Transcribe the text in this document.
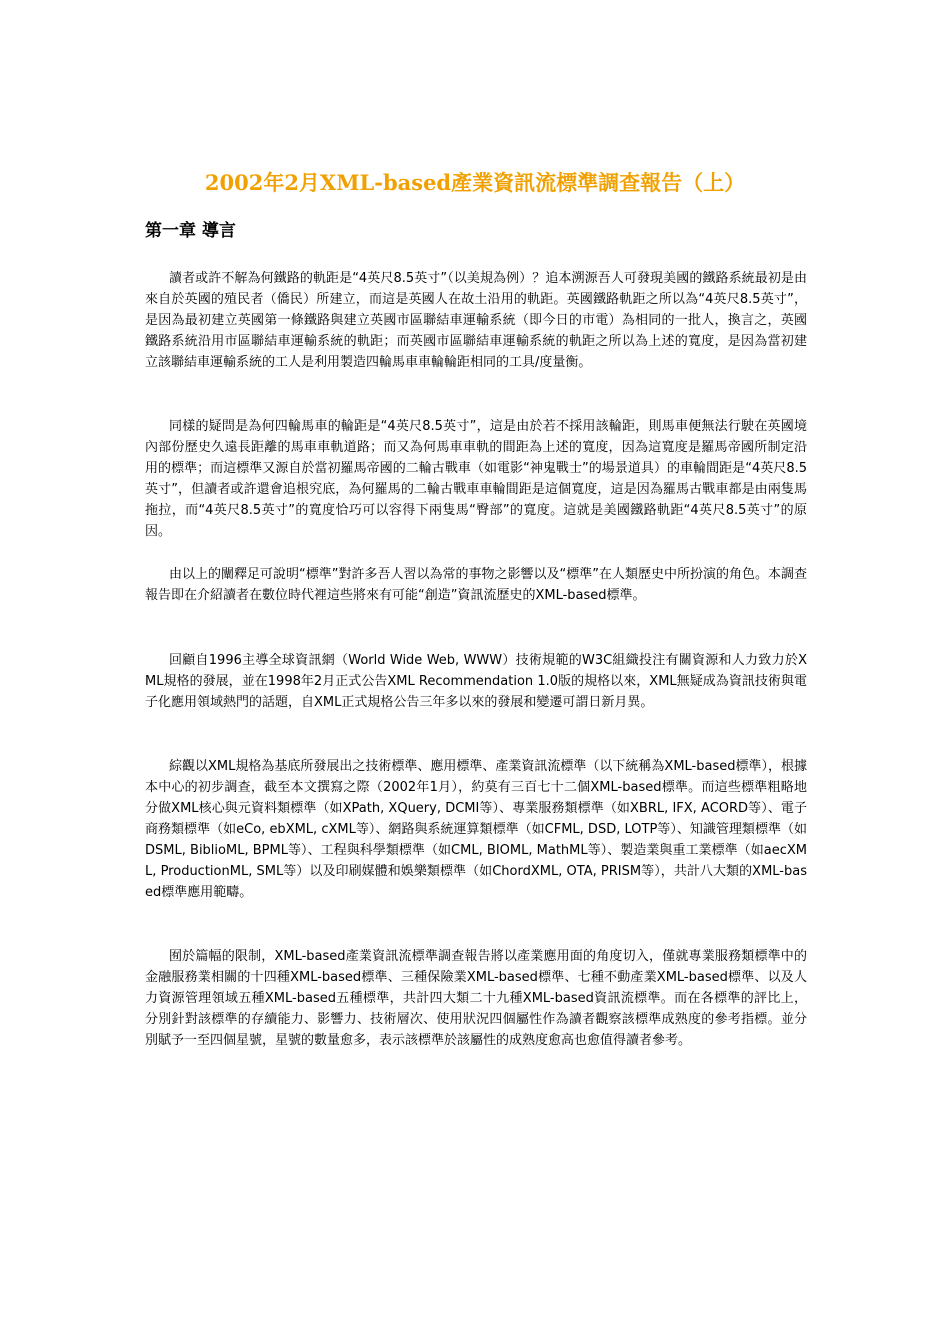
2002年2月XML-based產業資訊流標準調查報告（上）
第一章 導言

讀者或許不解為何鐵路的軌距是“4英尺8.5英寸”（以美規為例）？追本溯源吾人可發現美國的鐵路系統最初是由來自於英國的殖民者（僑民）所建立，而這是英國人在故土沿用的軌距。英國鐵路軌距之所以為“4英尺8.5英寸”，是因為最初建立英國第一條鐵路與建立英國市區聯結車運輸系統（即今日的市電）為相同的一批人，換言之，英國鐵路系統沿用市區聯結車運輸系統的軌距；而英國市區聯結車運輸系統的軌距之所以為上述的寬度，是因為當初建立該聯結車運輸系統的工人是利用製造四輪馬車車輪輪距相同的工具/度量衡。

同樣的疑問是為何四輪馬車的輪距是“4英尺8.5英寸”，這是由於若不採用該輪距，則馬車便無法行駛在英國境內部份歷史久遠長距離的馬車車軌道路；而又為何馬車車軌的間距為上述的寬度，因為這寬度是羅馬帝國所制定沿用的標準；而這標準又源自於當初羅馬帝國的二輪古戰車（如電影“神鬼戰士”的場景道具）的車輪間距是“4英尺8.5英寸”，但讀者或許還會追根究底，為何羅馬的二輪古戰車車輪間距是這個寬度，這是因為羅馬古戰車都是由兩隻馬拖拉，而“4英尺8.5英寸”的寬度恰巧可以容得下兩隻馬“臀部”的寬度。這就是美國鐵路軌距“4英尺8.5英寸”的原因。

由以上的闡釋足可說明“標準”對許多吾人習以為常的事物之影響以及“標準”在人類歷史中所扮演的角色。本調查報告即在介紹讀者在數位時代裡這些將來有可能“創造”資訊流歷史的XML-based標準。

回顧自1996主導全球資訊網（World Wide Web, WWW）技術規範的W3C組織投注有關資源和人力致力於XML規格的發展，並在1998年2月正式公告XML Recommendation 1.0版的規格以來，XML無疑成為資訊技術與電子化應用領域熱門的話題，自XML正式規格公告三年多以來的發展和變遷可謂日新月異。

綜觀以XML規格為基底所發展出之技術標準、應用標準、產業資訊流標準（以下統稱為XML-based標準），根據本中心的初步調查，截至本文撰寫之際（2002年1月），約莫有三百七十二個XML-based標準。而這些標準粗略地分做XML核心與元資料類標準（如XPath, XQuery, DCMI等）、專業服務類標準（如XBRL, IFX, ACORD等）、電子商務類標準（如eCo, ebXML, cXML等）、網路與系統運算類標準（如CFML, DSD, LOTP等）、知識管理類標準（如DSML, BiblioML, BPML等）、工程與科學類標準（如CML, BIOML, MathML等）、製造業與重工業標準（如aecXML, ProductionML, SML等）以及印刷媒體和娛樂類標準（如ChordXML, OTA, PRISM等），共計八大類的XML-based標準應用範疇。

囿於篇幅的限制，XML-based產業資訊流標準調查報告將以產業應用面的角度切入，僅就專業服務類標準中的金融服務業相關的十四種XML-based標準、三種保險業XML-based標準、七種不動產業XML-based標準、以及人力資源管理領域五種XML-based五種標準，共計四大類二十九種XML-based資訊流標準。而在各標準的評比上，分別針對該標準的存續能力、影響力、技術層次、使用狀況四個屬性作為讀者觀察該標準成熟度的參考指標。並分別賦予一至四個星號，星號的數量愈多，表示該標準於該屬性的成熟度愈高也愈值得讀者參考。
